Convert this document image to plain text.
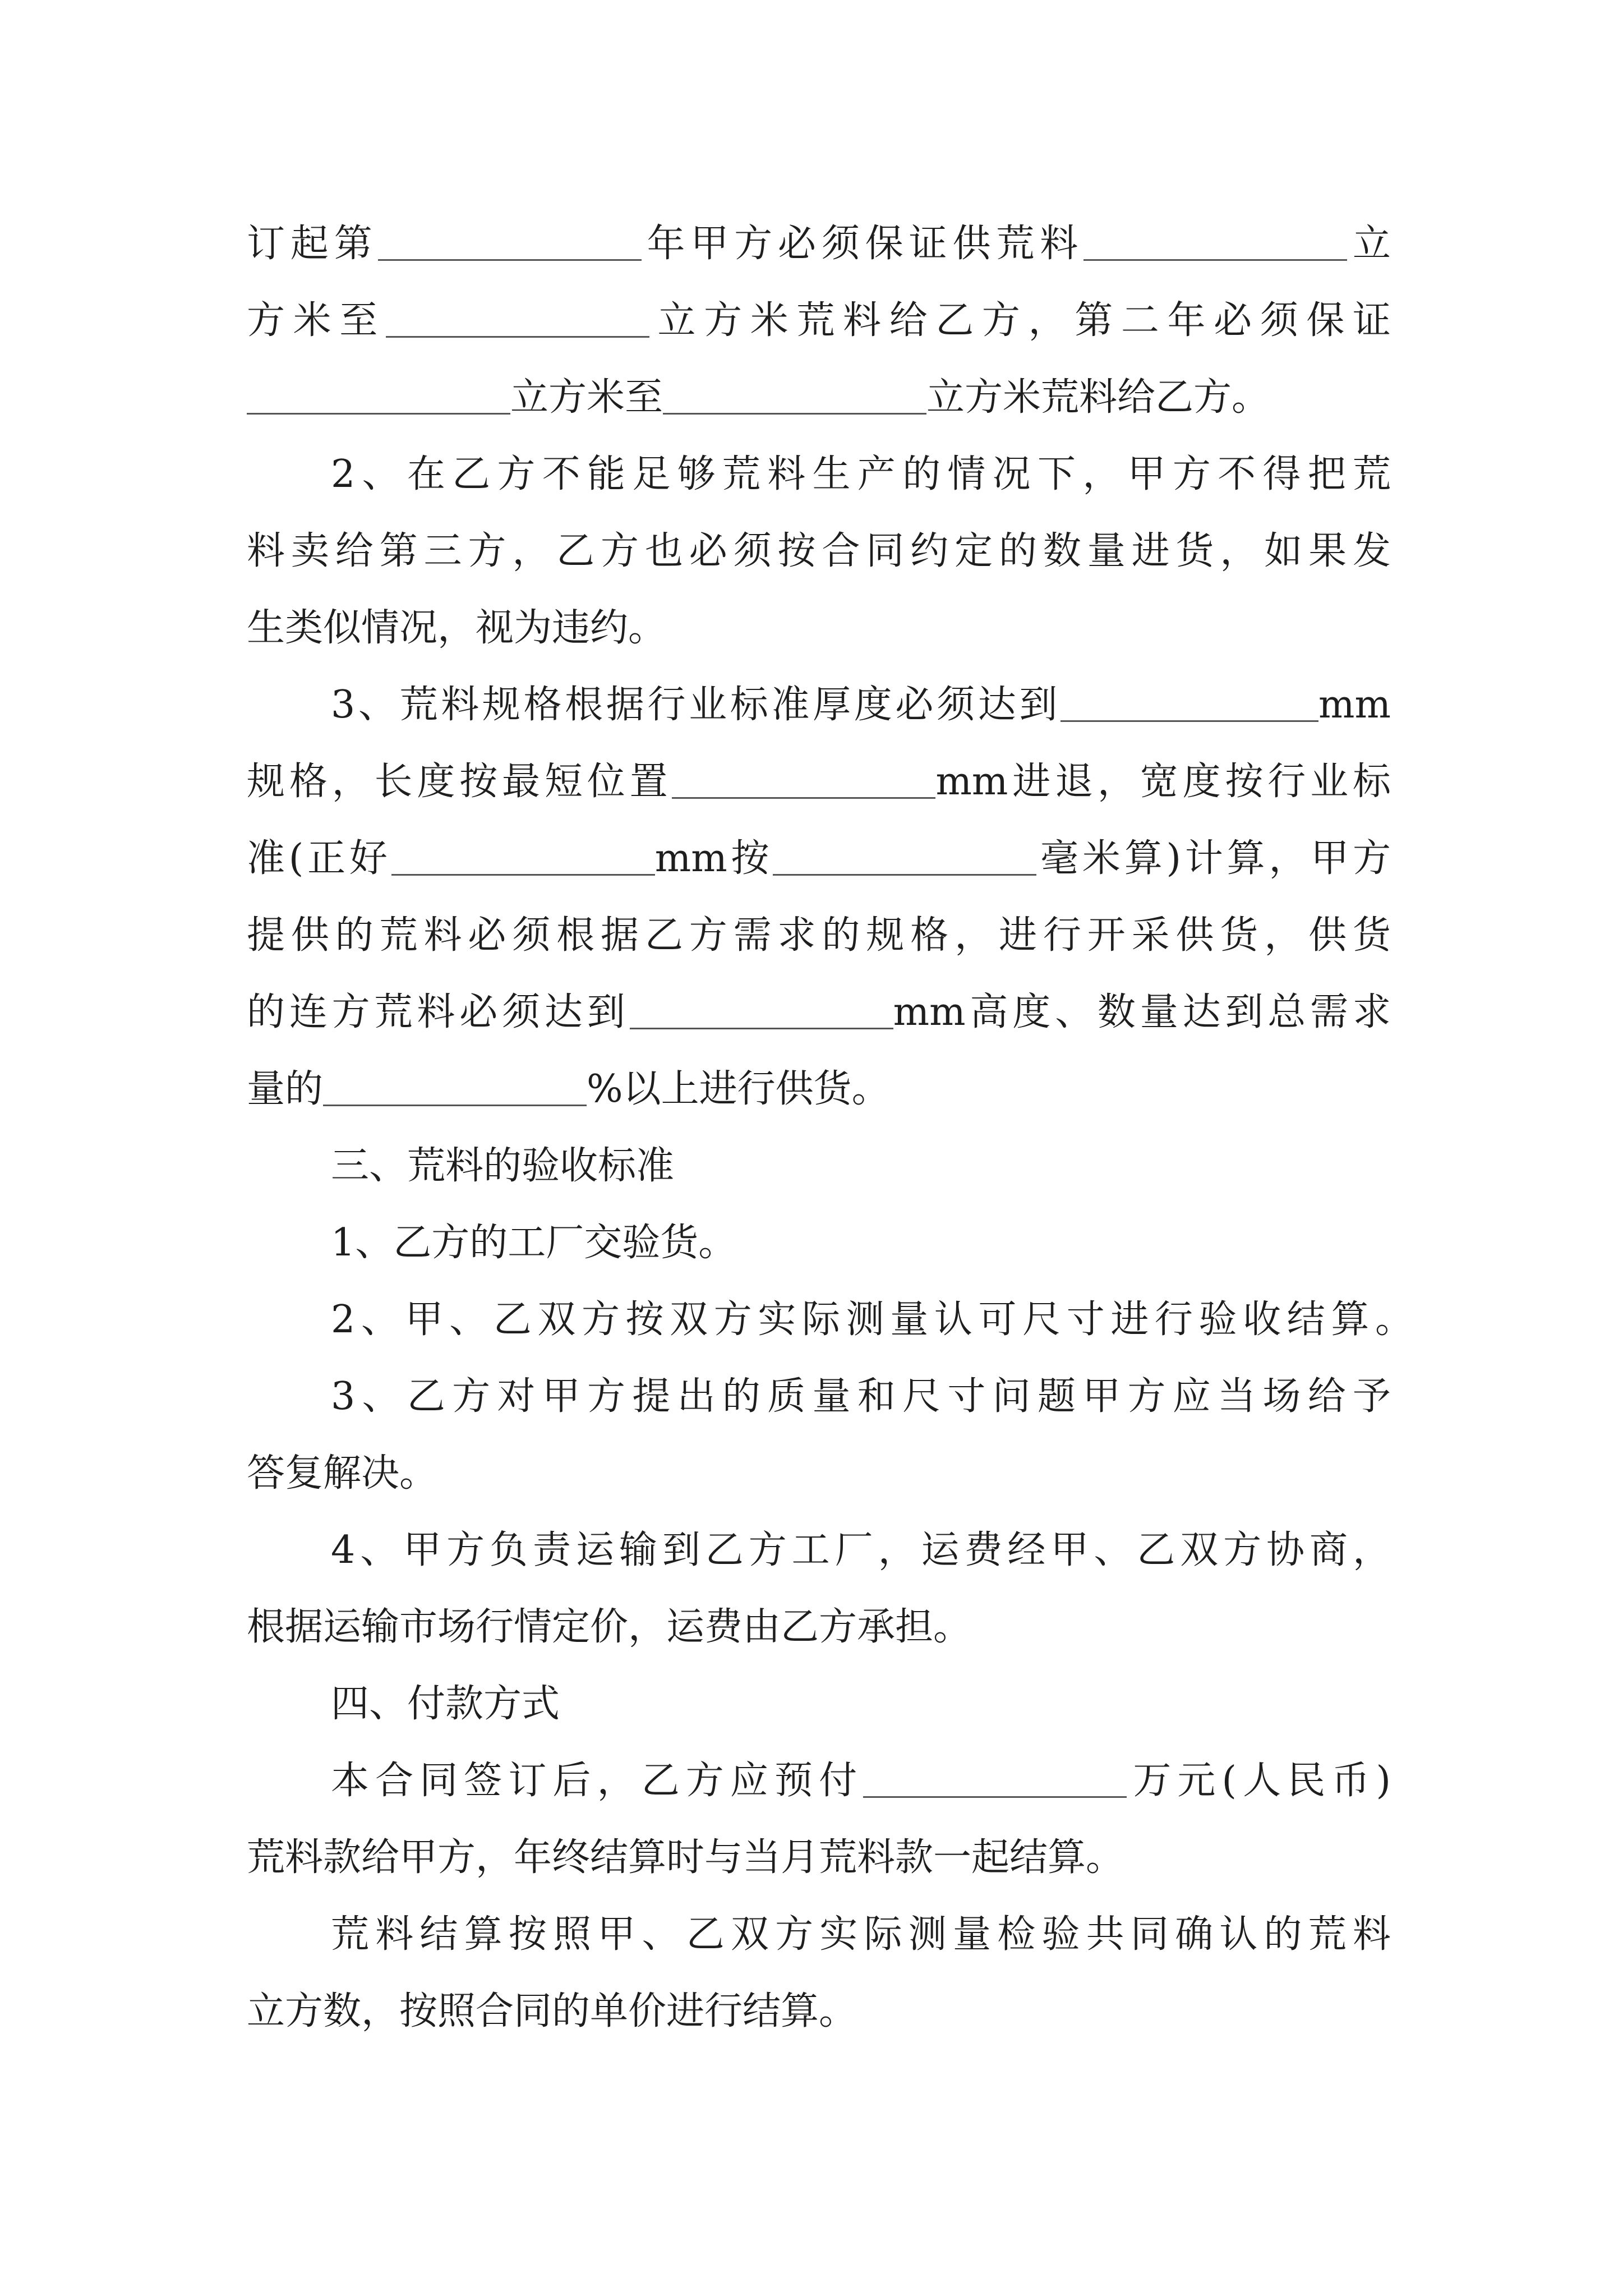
订起第	年甲方必须保证供荒料	立
方米至	立方米荒料给乙方，第二年必须保证
立方米至	立方米荒料给乙方。
2、在乙方不能足够荒料生产的情况下，甲方不得把荒
料卖给第三方，乙方也必须按合同约定的数量进货，如果发
生类似情况，视为违约。
3、荒料规格根据行业标准厚度必须达到	mm
规格，长度按最短位置	mm进退，宽度按行业标
准(正好	mm按	毫米算)计算，甲方
提供的荒料必须根据乙方需求的规格，进行开采供货，供货
的连方荒料必须达到	mm高度、数量达到总需求
量的	%以上进行供货。
三、荒料的验收标准
1、乙方的工厂交验货。
2、甲、乙双方按双方实际测量认可尺寸进行验收结算。
3、乙方对甲方提出的质量和尺寸问题甲方应当场给予
答复解决。
4、甲方负责运输到乙方工厂，运费经甲、乙双方协商，
根据运输市场行情定价，运费由乙方承担。
四、付款方式
本合同签订后，乙方应预付	万元(人民币)
荒料款给甲方，年终结算时与当月荒料款一起结算。
荒料结算按照甲、乙双方实际测量检验共同确认的荒料
立方数，按照合同的单价进行结算。
